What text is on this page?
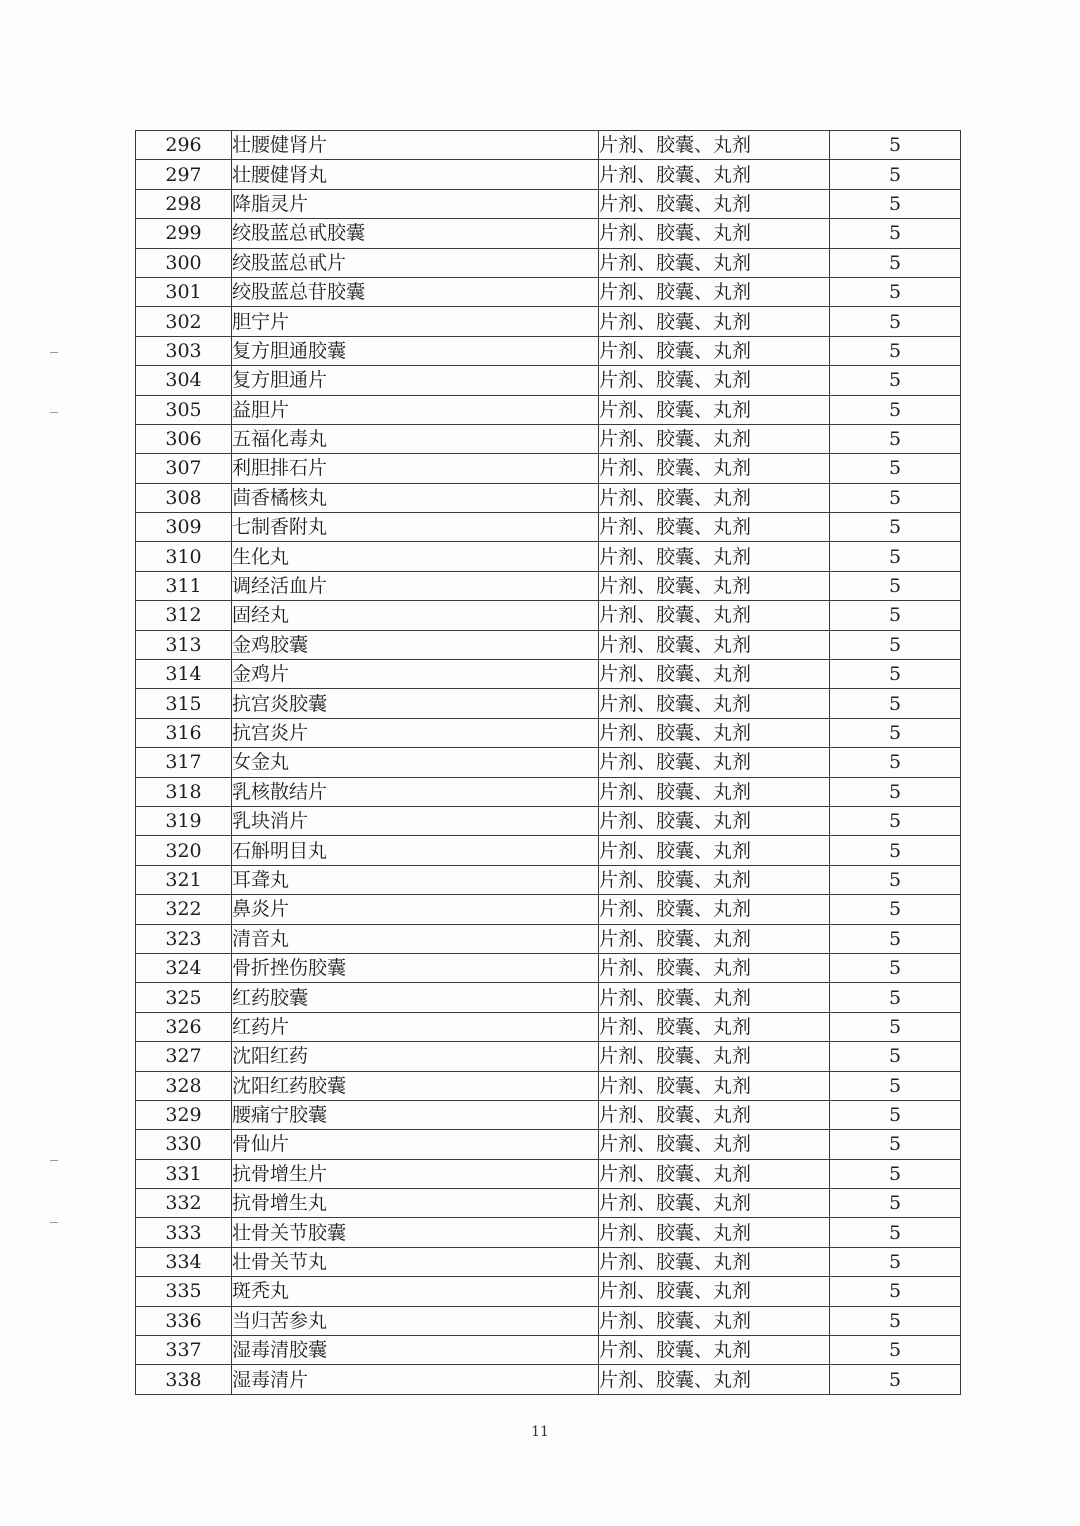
296	壮腰健肾片	片剂、胶囊、丸剂	5
297	壮腰健肾丸	片剂、胶囊、丸剂	5
298	降脂灵片	片剂、胶囊、丸剂	5
299	绞股蓝总甙胶囊	片剂、胶囊、丸剂	5
300	绞股蓝总甙片	片剂、胶囊、丸剂	5
301	绞股蓝总苷胶囊	片剂、胶囊、丸剂	5
302	胆宁片	片剂、胶囊、丸剂	5
303	复方胆通胶囊	片剂、胶囊、丸剂	5
304	复方胆通片	片剂、胶囊、丸剂	5
305	益胆片	片剂、胶囊、丸剂	5
306	五福化毒丸	片剂、胶囊、丸剂	5
307	利胆排石片	片剂、胶囊、丸剂	5
308	茴香橘核丸	片剂、胶囊、丸剂	5
309	七制香附丸	片剂、胶囊、丸剂	5
310	生化丸	片剂、胶囊、丸剂	5
311	调经活血片	片剂、胶囊、丸剂	5
312	固经丸	片剂、胶囊、丸剂	5
313	金鸡胶囊	片剂、胶囊、丸剂	5
314	金鸡片	片剂、胶囊、丸剂	5
315	抗宫炎胶囊	片剂、胶囊、丸剂	5
316	抗宫炎片	片剂、胶囊、丸剂	5
317	女金丸	片剂、胶囊、丸剂	5
318	乳核散结片	片剂、胶囊、丸剂	5
319	乳块消片	片剂、胶囊、丸剂	5
320	石斛明目丸	片剂、胶囊、丸剂	5
321	耳聋丸	片剂、胶囊、丸剂	5
322	鼻炎片	片剂、胶囊、丸剂	5
323	清音丸	片剂、胶囊、丸剂	5
324	骨折挫伤胶囊	片剂、胶囊、丸剂	5
325	红药胶囊	片剂、胶囊、丸剂	5
326	红药片	片剂、胶囊、丸剂	5
327	沈阳红药	片剂、胶囊、丸剂	5
328	沈阳红药胶囊	片剂、胶囊、丸剂	5
329	腰痛宁胶囊	片剂、胶囊、丸剂	5
330	骨仙片	片剂、胶囊、丸剂	5
331	抗骨增生片	片剂、胶囊、丸剂	5
332	抗骨增生丸	片剂、胶囊、丸剂	5
333	壮骨关节胶囊	片剂、胶囊、丸剂	5
334	壮骨关节丸	片剂、胶囊、丸剂	5
335	斑秃丸	片剂、胶囊、丸剂	5
336	当归苦参丸	片剂、胶囊、丸剂	5
337	湿毒清胶囊	片剂、胶囊、丸剂	5
338	湿毒清片	片剂、胶囊、丸剂	5
11
